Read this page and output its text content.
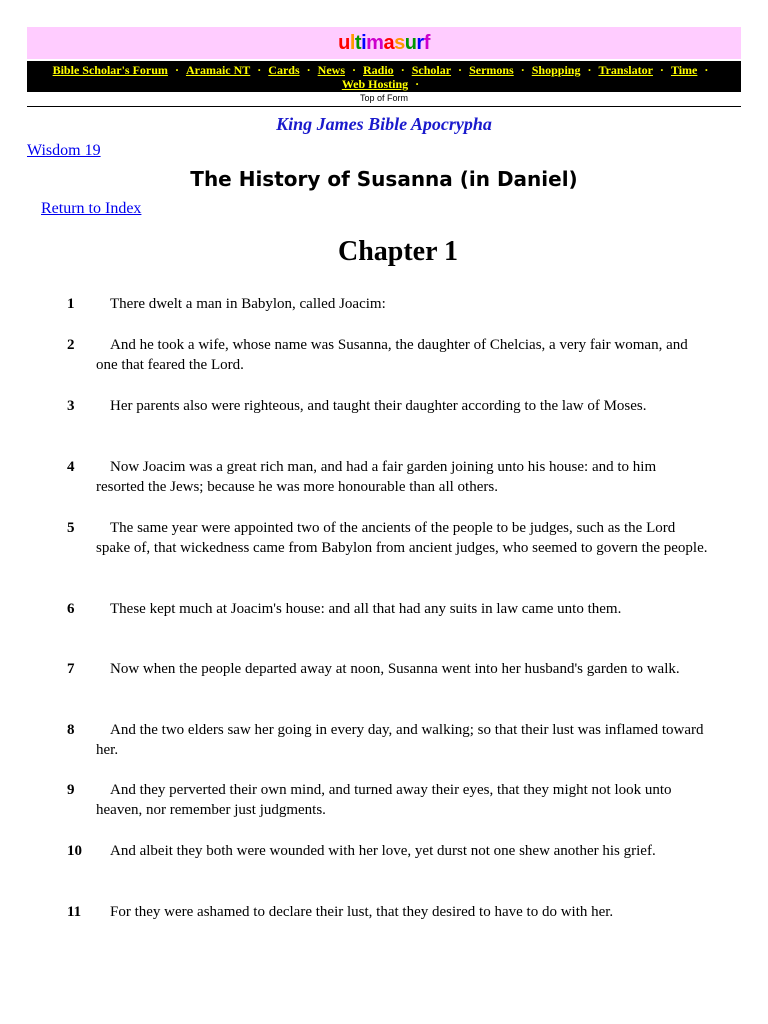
ultimasurf
Bible Scholar's Forum · Aramaic NT · Cards · News · Radio · Scholar · Sermons · Shopping · Translator · Time ·
Web Hosting ·
Top of Form
King James Bible Apocrypha
Wisdom 19
The History of Susanna (in Daniel)
Return to Index
Chapter 1
1	There dwelt a man in Babylon, called Joacim:
2	And he took a wife, whose name was Susanna, the daughter of Chelcias, a very fair woman, and one that feared the Lord.
3	Her parents also were righteous, and taught their daughter according to the law of Moses.
4	Now Joacim was a great rich man, and had a fair garden joining unto his house: and to him resorted the Jews; because he was more honourable than all others.
5	The same year were appointed two of the ancients of the people to be judges, such as the Lord spake of, that wickedness came from Babylon from ancient judges, who seemed to govern the people.
6	These kept much at Joacim's house: and all that had any suits in law came unto them.
7	Now when the people departed away at noon, Susanna went into her husband's garden to walk.
8	And the two elders saw her going in every day, and walking; so that their lust was inflamed toward her.
9	And they perverted their own mind, and turned away their eyes, that they might not look unto heaven, nor remember just judgments.
10	And albeit they both were wounded with her love, yet durst not one shew another his grief.
11	For they were ashamed to declare their lust, that they desired to have to do with her.
